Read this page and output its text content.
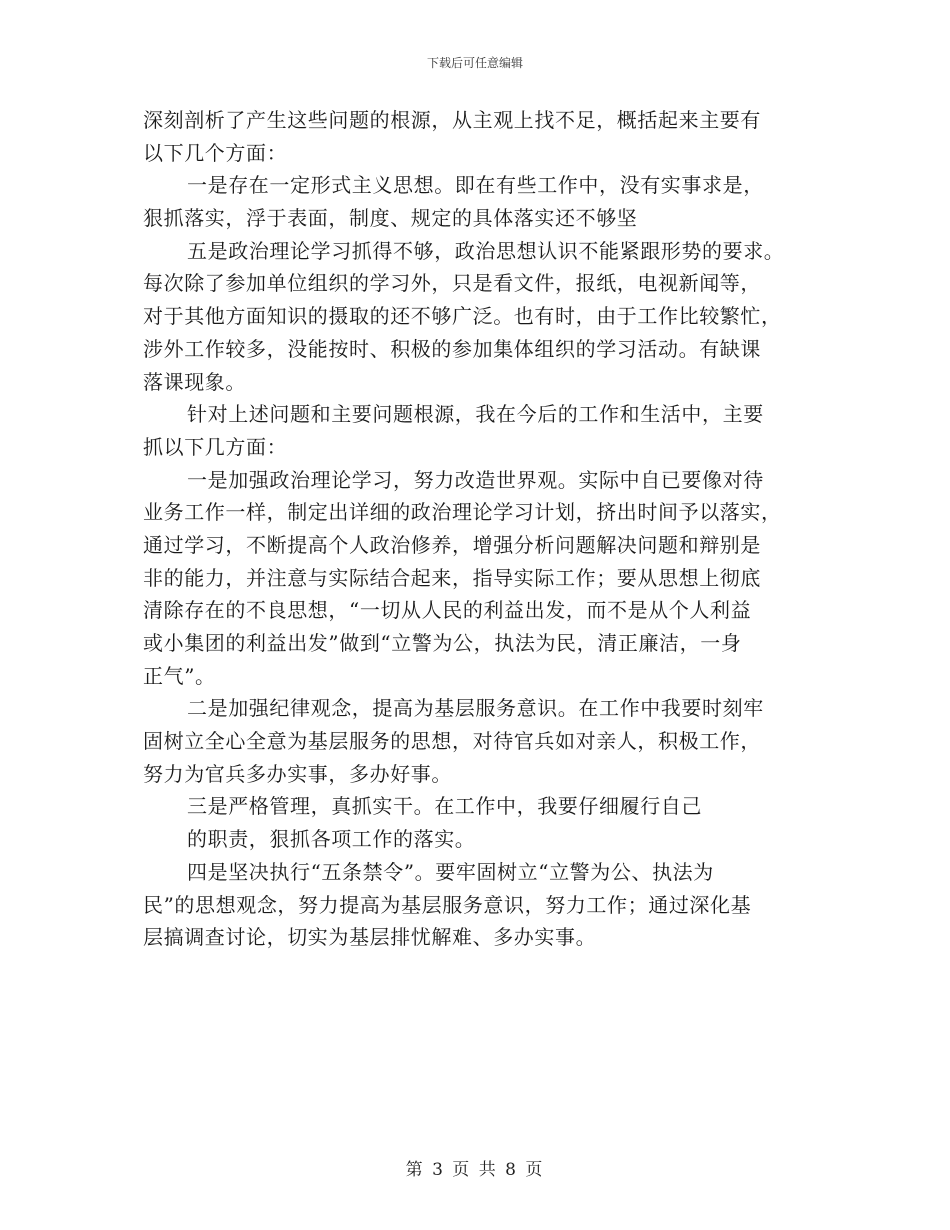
下载后可任意编辑
深刻剖析了产生这些问题的根源，从主观上找不足，概括起来主要有
以下几个方面：
一是存在一定形式主义思想。即在有些工作中，没有实事求是，
狠抓落实，浮于表面，制度、规定的具体落实还不够坚
五是政治理论学习抓得不够，政治思想认识不能紧跟形势的要求。
每次除了参加单位组织的学习外，只是看文件，报纸，电视新闻等，
对于其他方面知识的摄取的还不够广泛。也有时，由于工作比较繁忙，
涉外工作较多，没能按时、积极的参加集体组织的学习活动。有缺课
落课现象。
针对上述问题和主要问题根源，我在今后的工作和生活中，主要
抓以下几方面：
一是加强政治理论学习，努力改造世界观。实际中自已要像对待
业务工作一样，制定出详细的政治理论学习计划，挤出时间予以落实，
通过学习，不断提高个人政治修养，增强分析问题解决问题和辩别是
非的能力，并注意与实际结合起来，指导实际工作；要从思想上彻底
清除存在的不良思想，“一切从人民的利益出发，而不是从个人利益
或小集团的利益出发”做到“立警为公，执法为民，清正廉洁，一身
正气”。
二是加强纪律观念，提高为基层服务意识。在工作中我要时刻牢
固树立全心全意为基层服务的思想，对待官兵如对亲人，积极工作，
努力为官兵多办实事，多办好事。
三是严格管理，真抓实干。在工作中，我要仔细履行自己
的职责，狠抓各项工作的落实。
四是坚决执行“五条禁令”。要牢固树立“立警为公、执法为
民”的思想观念，努力提高为基层服务意识，努力工作；通过深化基
层搞调查讨论，切实为基层排忧解难、多办实事。
第 3 页 共 8 页
